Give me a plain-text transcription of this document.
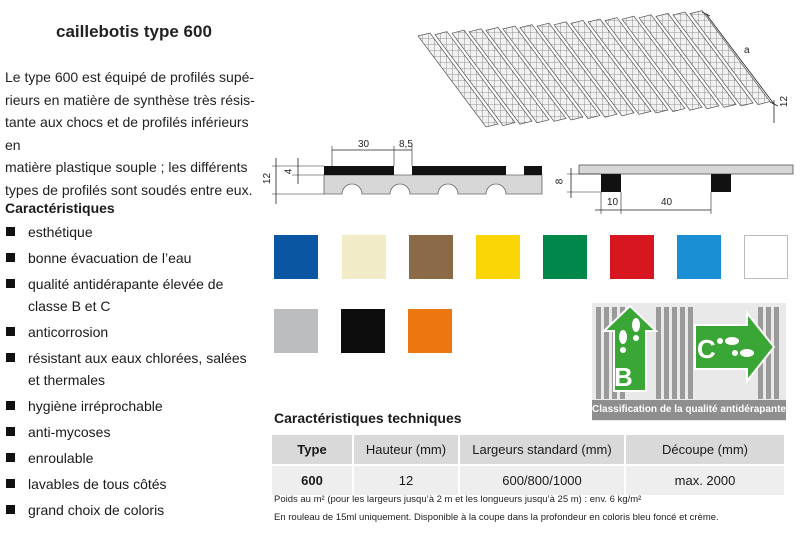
caillebotis type 600
Le type 600 est équipé de profilés supé-
rieurs en matière de synthèse très résis-
tante aux chocs et de profilés inférieurs en
matière plastique souple ; les différents
types de profilés sont soudés entre eux.
Caractéristiques
esthétique
bonne évacuation de l’eau
qualité antidérapante élevée de
classe B et C
anticorrosion
résistant aux eaux chlorées, salées
et thermales
hygiène irréprochable
anti-mycoses
enroulable
lavables de tous côtés
grand choix de coloris
a
12
30	8,5
4
12	8
10	40
B
C
Classification de la qualité antidérapante
Caractéristiques techniques
Type	Hauteur (mm)	Largeurs standard (mm)	Découpe (mm)
600	12	600/800/1000	max. 2000
Poids au m² (pour les largeurs jusqu’à 2 m et les longueurs jusqu’à 25 m) : env. 6 kg/m²
En rouleau de 15ml uniquement. Disponible à la coupe dans la profondeur en coloris bleu foncé et crème.
